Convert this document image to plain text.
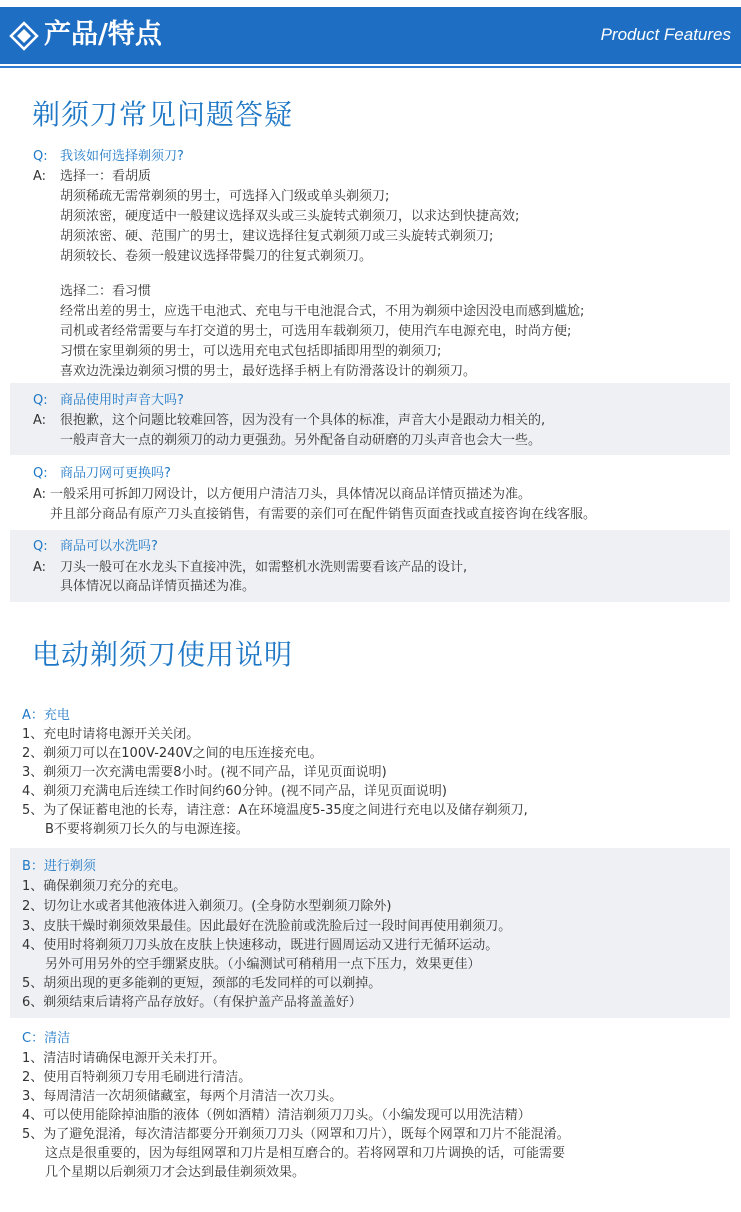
产品/特点	Product Features
剃须刀常见问题答疑
Q: 我该如何选择剃须刀?
A: 选择一：看胡质
胡须稀疏无需常剃须的男士，可选择入门级或单头剃须刀;
胡须浓密，硬度适中一般建议选择双头或三头旋转式剃须刀，以求达到快捷高效;
胡须浓密、硬、范围广的男士，建议选择往复式剃须刀或三头旋转式剃须刀;
胡须较长、卷须一般建议选择带鬓刀的往复式剃须刀。
选择二：看习惯
经常出差的男士，应选干电池式、充电与干电池混合式，不用为剃须中途因没电而感到尴尬;
司机或者经常需要与车打交道的男士，可选用车载剃须刀，使用汽车电源充电，时尚方便;
习惯在家里剃须的男士，可以选用充电式包括即插即用型的剃须刀;
喜欢边洗澡边剃须习惯的男士，最好选择手柄上有防滑落设计的剃须刀。
Q: 商品使用时声音大吗?
A: 很抱歉，这个问题比较难回答，因为没有一个具体的标准，声音大小是跟动力相关的,
一般声音大一点的剃须刀的动力更强劲。另外配备自动研磨的刀头声音也会大一些。
Q: 商品刀网可更换吗?
A: 一般采用可拆卸刀网设计，以方便用户清洁刀头，具体情况以商品详情页描述为准。
并且部分商品有原产刀头直接销售，有需要的亲们可在配件销售页面查找或直接咨询在线客服。
Q: 商品可以水洗吗?
A: 刀头一般可在水龙头下直接冲洗，如需整机水洗则需要看该产品的设计,
具体情况以商品详情页描述为准。
电动剃须刀使用说明
A：充电
1、充电时请将电源开关关闭。
2、剃须刀可以在100V-240V之间的电压连接充电。
3、剃须刀一次充满电需要8小时。(视不同产品，详见页面说明)
4、剃须刀充满电后连续工作时间约60分钟。(视不同产品，详见页面说明)
5、为了保证蓄电池的长寿，请注意：A在环境温度5-35度之间进行充电以及储存剃须刀,
B不要将剃须刀长久的与电源连接。
B：进行剃须
1、确保剃须刀充分的充电。
2、切勿让水或者其他液体进入剃须刀。(全身防水型剃须刀除外)
3、皮肤干燥时剃须效果最佳。因此最好在洗脸前或洗脸后过一段时间再使用剃须刀。
4、使用时将剃须刀刀头放在皮肤上快速移动，既进行圆周运动又进行无循环运动。
另外可用另外的空手绷紧皮肤。（小编测试可稍稍用一点下压力，效果更佳）
5、胡须出现的更多能剃的更短，颈部的毛发同样的可以剃掉。
6、剃须结束后请将产品存放好。（有保护盖产品将盖盖好）
C：清洁
1、清洁时请确保电源开关未打开。
2、使用百特剃须刀专用毛刷进行清洁。
3、每周清洁一次胡须储藏室，每两个月清洁一次刀头。
4、可以使用能除掉油脂的液体（例如酒精）清洁剃须刀刀头。（小编发现可以用洗洁精）
5、为了避免混淆，每次清洁都要分开剃须刀刀头（网罩和刀片），既每个网罩和刀片不能混淆。
这点是很重要的，因为每组网罩和刀片是相互磨合的。若将网罩和刀片调换的话，可能需要
几个星期以后剃须刀才会达到最佳剃须效果。
